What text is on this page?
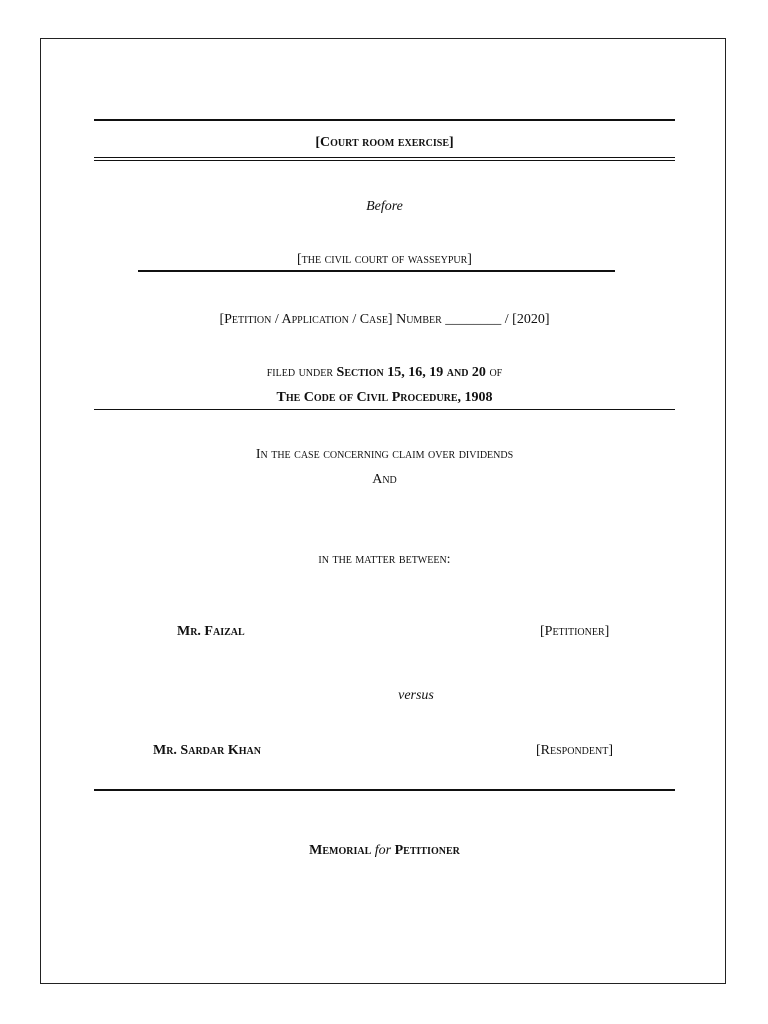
[Court room exercise]
Before
[the civil court of wasseypur]
[Petition / Application / Case] Number ________ / [2020]
filed under Section 15, 16, 19 and 20 of
The Code of Civil Procedure, 1908
In the case concerning claim over dividends
And
in the matter between:
Mr. Faizal	[Petitioner]
versus
Mr. Sardar Khan	[Respondent]
Memorial for Petitioner
